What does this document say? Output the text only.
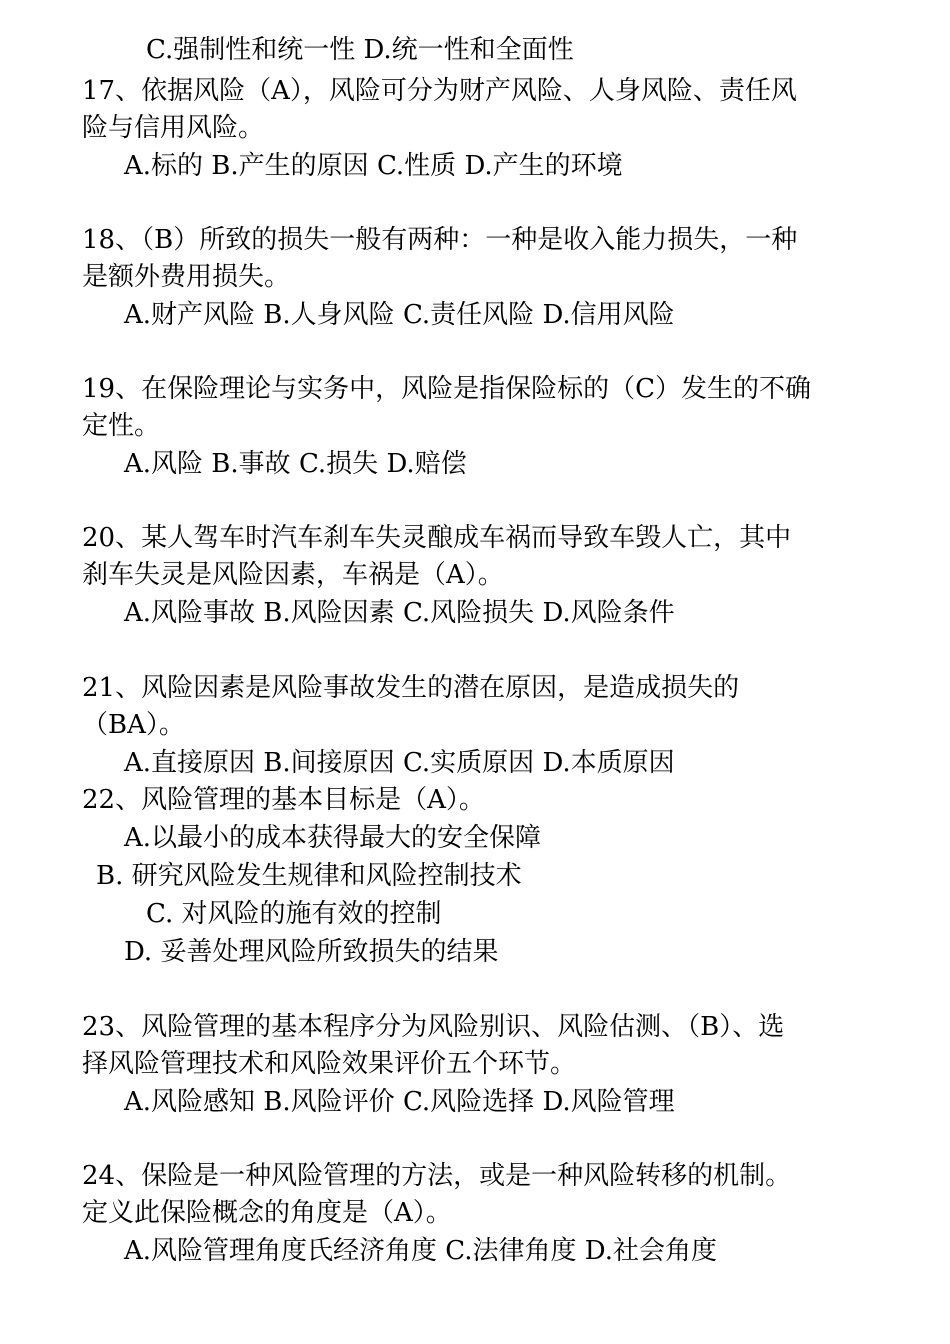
C.强制性和统一性 D.统一性和全面性
17、依据风险（A），风险可分为财产风险、人身风险、责任风
险与信用风险。
A.标的 B.产生的原因 C.性质 D.产生的环境
18、（B）所致的损失一般有两种：一种是收入能力损失，一种
是额外费用损失。
A.财产风险 B.人身风险 C.责任风险 D.信用风险
19、在保险理论与实务中，风险是指保险标的（C）发生的不确
定性。
A.风险 B.事故 C.损失 D.赔偿
20、某人驾车时汽车刹车失灵酿成车祸而导致车毁人亡，其中
刹车失灵是风险因素，车祸是（A）。
A.风险事故 B.风险因素 C.风险损失 D.风险条件
21、风险因素是风险事故发生的潜在原因，是造成损失的
（BA）。
A.直接原因 B.间接原因 C.实质原因 D.本质原因
22、风险管理的基本目标是（A）。
A.以最小的成本获得最大的安全保障
B. 研究风险发生规律和风险控制技术
C. 对风险的施有效的控制
D. 妥善处理风险所致损失的结果
23、风险管理的基本程序分为风险别识、风险估测、（B）、选
择风险管理技术和风险效果评价五个环节。
A.风险感知 B.风险评价 C.风险选择 D.风险管理
24、保险是一种风险管理的方法，或是一种风险转移的机制。
定义此保险概念的角度是（A）。
A.风险管理角度氏经济角度 C.法律角度 D.社会角度
